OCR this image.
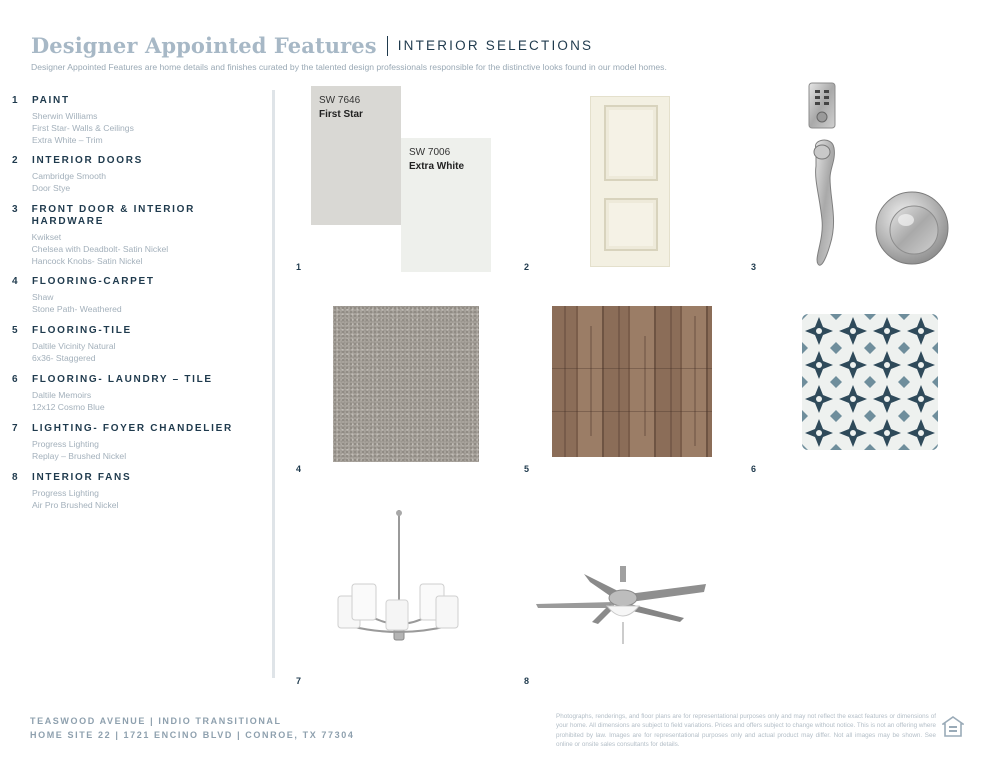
Designer Appointed Features INTERIOR SELECTIONS
Designer Appointed Features are home details and finishes curated by the talented design professionals responsible for the distinctive looks found in our model homes.
1	PAINT
Sherwin Williams
First Star- Walls & Ceilings
Extra White – Trim
2	INTERIOR DOORS
Cambridge Smooth
Door Stye
3	FRONT DOOR & INTERIOR HARDWARE
Kwikset
Chelsea with Deadbolt- Satin Nickel
Hancock Knobs- Satin Nickel
4	FLOORING-CARPET
Shaw
Stone Path- Weathered
5	FLOORING-TILE
Daltile Vicinity Natural
6x36- Staggered
6	FLOORING- LAUNDRY – TILE
Daltile Memoirs
12x12 Cosmo Blue
7	LIGHTING- FOYER CHANDELIER
Progress Lighting
Replay – Brushed Nickel
8	INTERIOR FANS
Progress Lighting
Air Pro Brushed Nickel
SW 7646
First Star
SW 7006
Extra White
1	2	3
4	5	6
7	8
TEASWOOD AVENUE | INDIO TRANSITIONAL
HOME SITE 22 | 1721 ENCINO BLVD | CONROE, TX 77304
Photographs, renderings, and floor plans are for representational purposes only and may not reflect the exact features or dimensions of your home. All dimensions are subject to field variations. Prices and offers subject to change without notice. This is not an offering where prohibited by law. Images are for representational purposes only and actual product may differ. Not all images may be shown. See online or onsite sales consultants for details.
